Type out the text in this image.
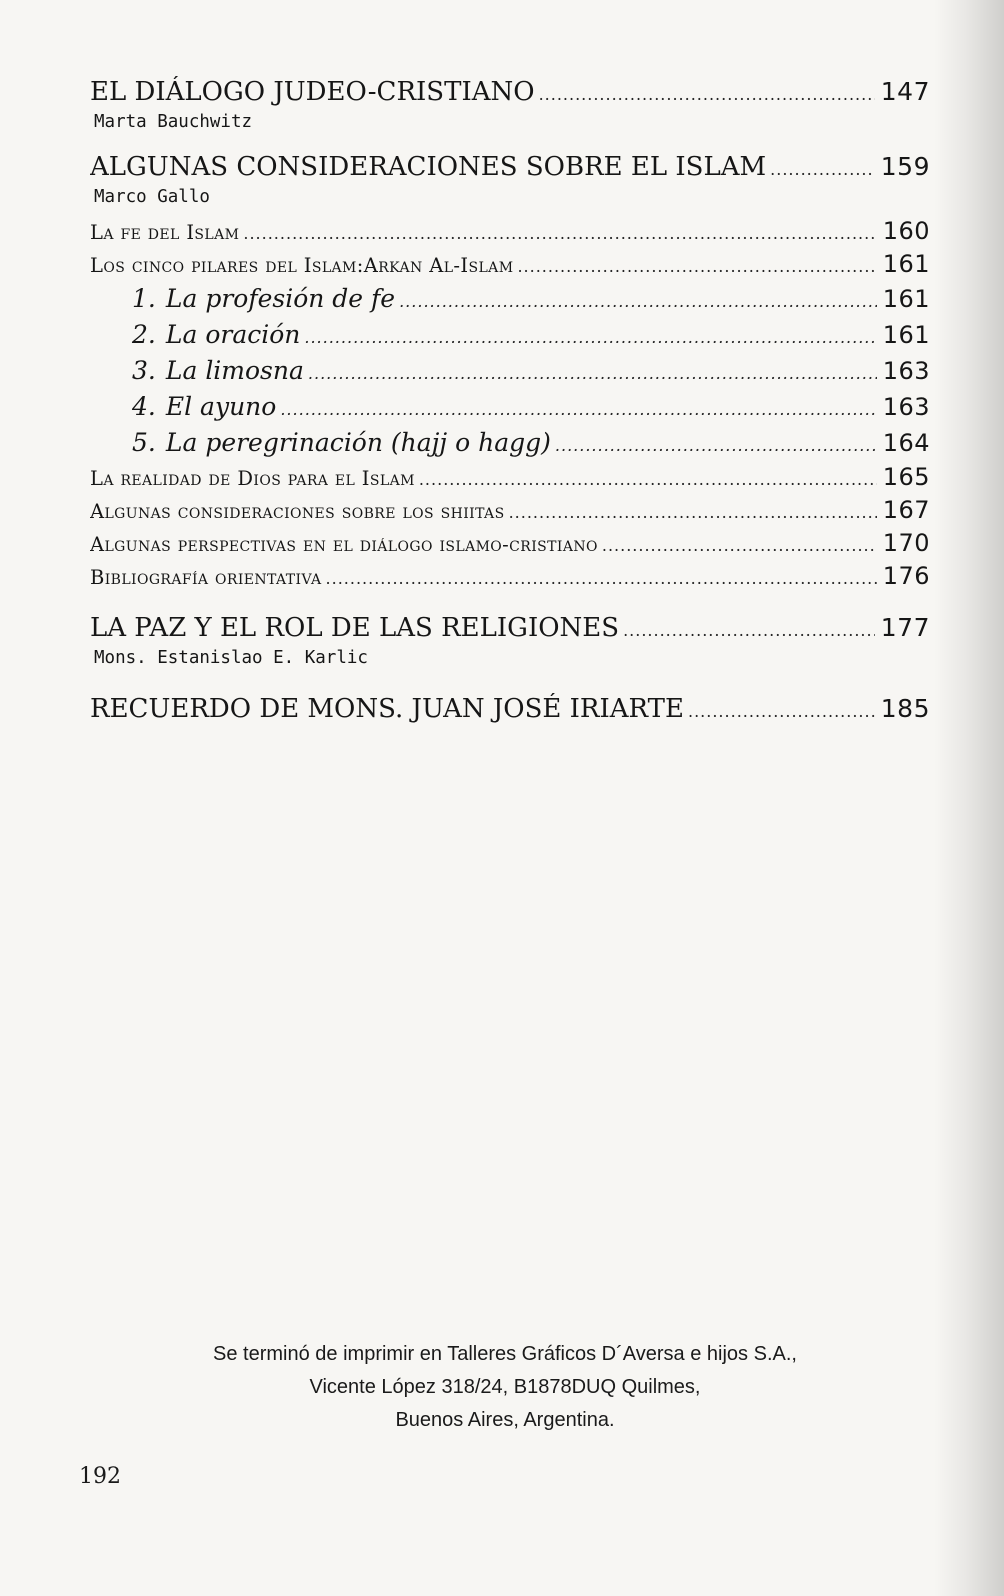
EL DIÁLOGO JUDEO-CRISTIANO .....	147
Marta Bauchwitz
ALGUNAS CONSIDERACIONES SOBRE EL ISLAM .....	159
Marco Gallo
La fe del Islam .....	160
Los cinco pilares del Islam:Arkan Al-Islam .....	161
1. La profesión de fe .....	161
2. La oración .....	161
3. La limosna .....	163
4. El ayuno .....	163
5. La peregrinación (hajj o hagg) .....	164
La realidad de Dios para el Islam .....	165
Algunas consideraciones sobre los shiitas .....	167
Algunas perspectivas en el diálogo islamo-cristiano .....	170
Bibliografía orientativa .....	176
LA PAZ Y EL ROL DE LAS RELIGIONES .....	177
Mons. Estanislao E. Karlic
RECUERDO DE MONS. JUAN JOSÉ IRIARTE .....	185
Se terminó de imprimir en Talleres Gráficos D´Aversa e hijos S.A.,
Vicente López 318/24, B1878DUQ Quilmes,
Buenos Aires, Argentina.
192
